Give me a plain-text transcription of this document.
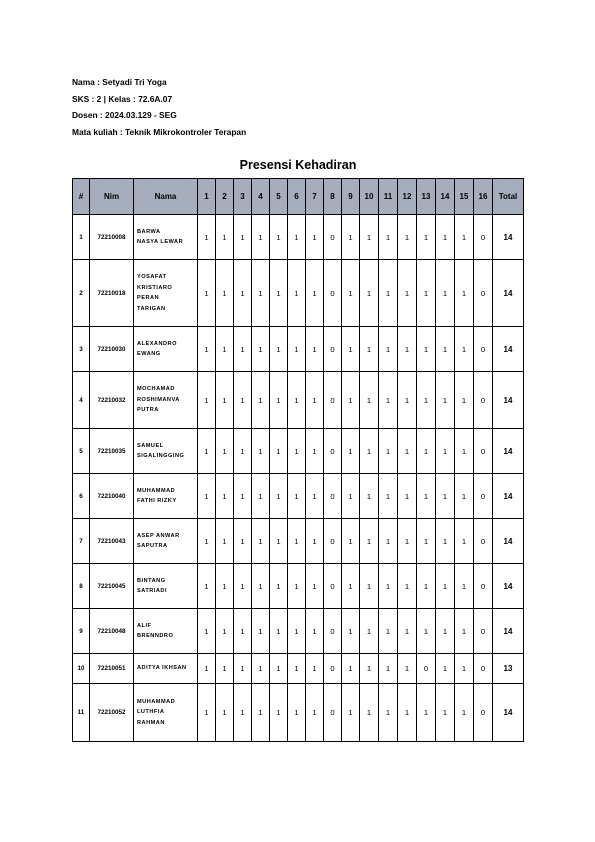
Nama : Setyadi Tri Yoga
SKS : 2 | Kelas : 72.6A.07
Dosen : 2024.03.129 - SEG
Mata kuliah : Teknik Mikrokontroler Terapan
Presensi Kehadiran
#	Nim	Nama	1	2	3	4	5	6	7	8	9	10	11	12	13	14	15	16	Total
1	72210008	BARWA
NASYA LEWAR	1	1	1	1	1	1	1	0	1	1	1	1	1	1	1	0	14
2	72210018	YOSAFAT
KRISTIARO
PERAN
TARIGAN	1	1	1	1	1	1	1	0	1	1	1	1	1	1	1	0	14
3	72210030	ALEXANDRO
EWANG	1	1	1	1	1	1	1	0	1	1	1	1	1	1	1	0	14
4	72210032	MOCHAMAD
ROSHIMANVA
PUTRA	1	1	1	1	1	1	1	0	1	1	1	1	1	1	1	0	14
5	72210035	SAMUEL
SIGALINGGING	1	1	1	1	1	1	1	0	1	1	1	1	1	1	1	0	14
6	72210040	MUHAMMAD
FATHI RIZKY	1	1	1	1	1	1	1	0	1	1	1	1	1	1	1	0	14
7	72210043	ASEP ANWAR
SAPUTRA	1	1	1	1	1	1	1	0	1	1	1	1	1	1	1	0	14
8	72210045	BINTANG
SATRIADI	1	1	1	1	1	1	1	0	1	1	1	1	1	1	1	0	14
9	72210048	ALIF
BRENNDRO	1	1	1	1	1	1	1	0	1	1	1	1	1	1	1	0	14
10	72210051	ADITYA IKHSAN	1	1	1	1	1	1	1	0	1	1	1	1	0	1	1	0	13
11	72210052	MUHAMMAD
LUTHFIA
RAHMAN	1	1	1	1	1	1	1	0	1	1	1	1	1	1	1	0	14
